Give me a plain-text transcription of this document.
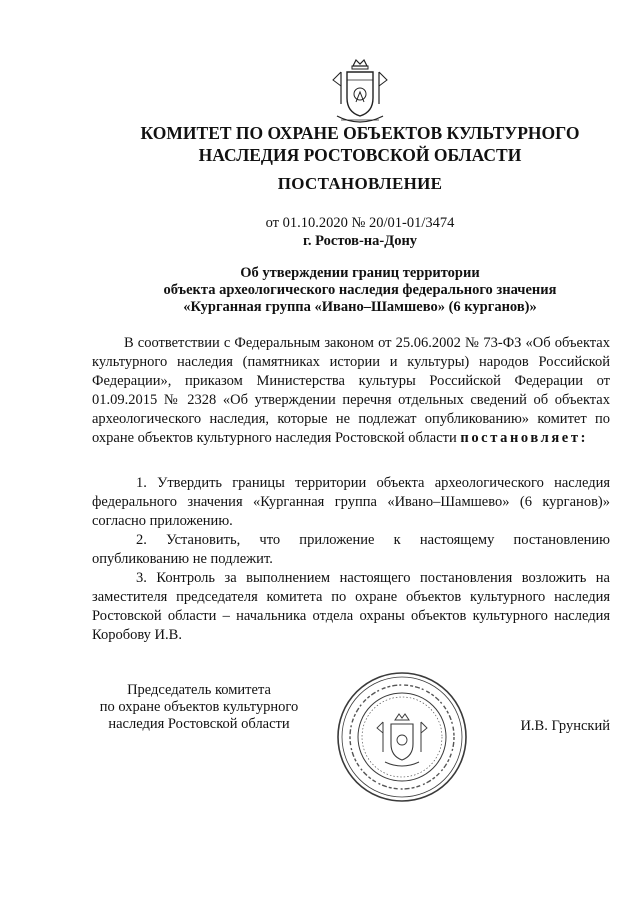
КОМИТЕТ ПО ОХРАНЕ ОБЪЕКТОВ КУЛЬТУРНОГО
НАСЛЕДИЯ РОСТОВСКОЙ ОБЛАСТИ
ПОСТАНОВЛЕНИЕ
от 01.10.2020 № 20/01-01/3474
г. Ростов-на-Дону
Об утверждении границ территории
объекта археологического наследия федерального значения
«Курганная группа «Ивано–Шамшево» (6 курганов)»

В соответствии с Федеральным законом от 25.06.2002 № 73-ФЗ «Об объектах культурного наследия (памятниках истории и культуры) народов Российской Федерации», приказом Министерства культуры Российской Федерации от 01.09.2015 № 2328 «Об утверждении перечня отдельных сведений об объектах археологического наследия, которые не подлежат опубликованию» комитет по охране объектов культурного наследия Ростовской области постановляет:

1. Утвердить границы территории объекта археологического наследия федерального значения «Курганная группа «Ивано–Шамшево» (6 курганов)» согласно приложению.

2. Установить, что приложение к настоящему постановлению опубликованию не подлежит.

3. Контроль за выполнением настоящего постановления возложить на заместителя председателя комитета по охране объектов культурного наследия Ростовской области – начальника отдела охраны объектов культурного наследия Коробову И.В.

Председатель комитета
по охране объектов культурного
наследия Ростовской области	И.В. Грунский
